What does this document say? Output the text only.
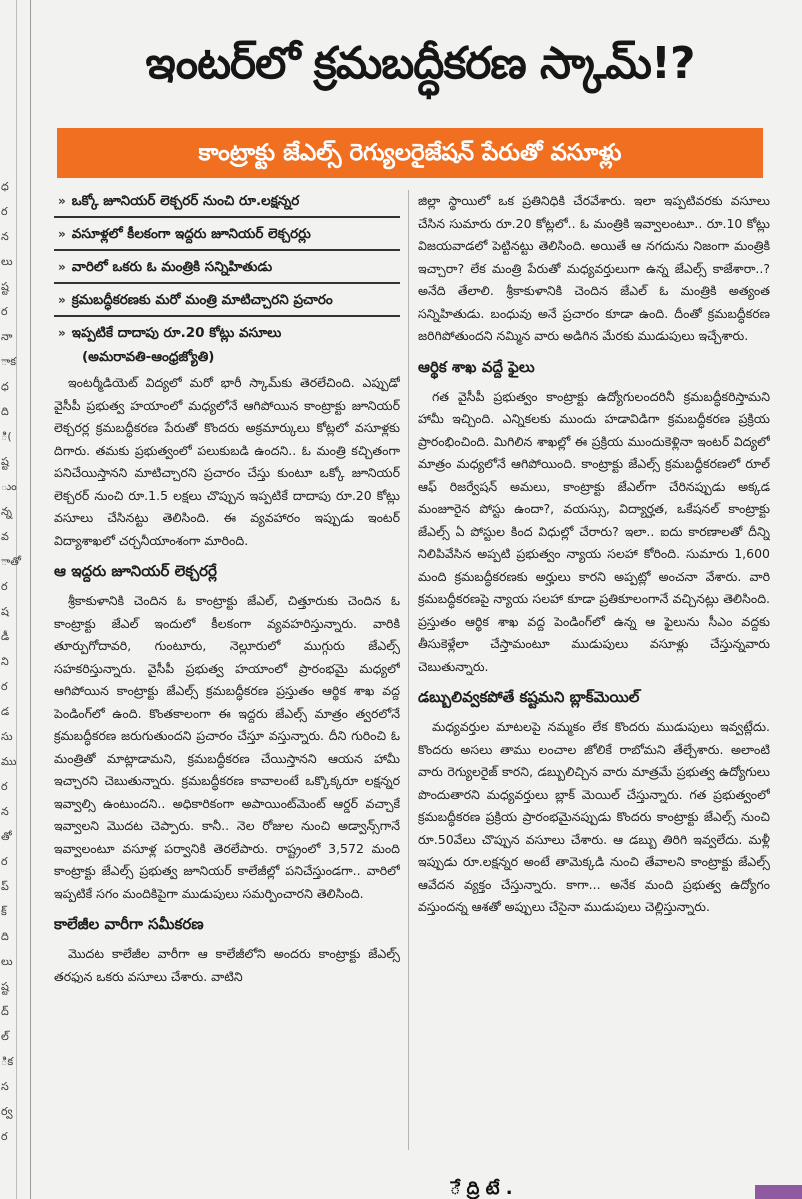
ధ
ర
న
లు
ష్ట
ర
నా
ాక
ధ
ది
ి(
ష్ట
ుం
న్న
వ
ాతో
ర
ష
డీ
ని
ర
డ
సు
ము
ర
న
తో
ర
ప్
క్
ది
లు
ష్ట
ద్
ల్
ిక
స
ర్వ
ర
ఇంటర్‌లో క్రమబద్ధీకరణ స్కామ్!?
కాంట్రాక్టు జేఎల్స్ రెగ్యులరైజేషన్ పేరుతో వసూళ్లు
» ఒక్కో జూనియర్ లెక్చరర్ నుంచి రూ.లక్షన్నర
» వసూళ్లలో కీలకంగా ఇద్దరు జూనియర్ లెక్చరర్లు
» వారిలో ఒకరు ఓ మంత్రికి సన్నిహితుడు
» క్రమబద్ధీకరణకు మరో మంత్రి మాటిచ్చారని ప్రచారం
» ఇప్పటికే దాదాపు రూ.20 కోట్లు వసూలు
(అమరావతి-ఆంధ్రజ్యోతి)

ఇంటర్మీడియెట్ విద్యలో మరో భారీ స్కామ్‌కు తెరలేచింది. ఎప్పుడో వైసీపీ ప్రభుత్వ హయాంలో మధ్యలోనే ఆగిపోయిన కాంట్రాక్టు జూనియర్ లెక్చరర్ల క్రమబద్ధీకరణ పేరుతో కొందరు అక్రమార్కులు కోట్లలో వసూళ్లకు దిగారు. తమకు ప్రభుత్వంలో పలుకుబడి ఉందని.. ఓ మంత్రి కచ్చితంగా పనిచేయిస్తానని మాటిచ్చారని ప్రచారం చేస్తు కుంటూ ఒక్కో జూనియర్ లెక్చరర్ నుంచి రూ.1.5 లక్షలు చొప్పున ఇప్పటికే దాదాపు రూ.20 కోట్లు వసూలు చేసినట్టు తెలిసింది. ఈ వ్యవహారం ఇప్పుడు ఇంటర్ విద్యాశాఖలో చర్చనీయాంశంగా మారింది.

ఆ ఇద్దరు జూనియర్ లెక్చరర్లే

శ్రీకాకుళానికి చెందిన ఓ కాంట్రాక్టు జేఎల్, చిత్తూరుకు చెందిన ఓ కాంట్రాక్టు జేఎల్ ఇందులో కీలకంగా వ్యవహరిస్తున్నారు. వారికి తూర్పుగోదావరి, గుంటూరు, నెల్లూరులో ముగ్గురు జేఎల్స్ సహకరిస్తున్నారు. వైసీపీ ప్రభుత్వ హయాంలో ప్రారంభమై మధ్యలో ఆగిపోయిన కాంట్రాక్టు జేఎల్స్ క్రమబద్ధీకరణ ప్రస్తుతం ఆర్థిక శాఖ వద్ద పెండింగ్‌లో ఉంది. కొంతకాలంగా ఈ ఇద్దరు జేఎల్స్ మాత్రం త్వరలోనే క్రమబద్ధీకరణ జరుగుతుందని ప్రచారం చేస్తూ వస్తున్నారు. దీని గురించి ఓ మంత్రితో మాట్లాడామని, క్రమబద్ధీకరణ చేయిస్తానని ఆయన హామీ ఇచ్చారని చెబుతున్నారు. క్రమబద్ధీకరణ కావాలంటే ఒక్కొక్కరూ లక్షన్నర ఇవ్వాల్సి ఉంటుందని.. అధికారికంగా అపాయింట్‌మెంట్ ఆర్డర్ వచ్చాకే ఇవ్వాలని మొదట చెప్పారు. కానీ.. నెల రోజుల నుంచి అడ్వాన్స్‌గానే ఇవ్వాలంటూ వసూళ్ల పర్వానికి తెరలేపారు. రాష్ట్రంలో 3,572 మంది కాంట్రాక్టు జేఎల్స్ ప్రభుత్వ జూనియర్ కాలేజీల్లో పనిచేస్తుండగా.. వారిలో ఇప్పటికే సగం మందికిపైగా ముడుపులు సమర్పించారని తెలిసింది.

కాలేజీల వారీగా సమీకరణ

మొదట కాలేజీల వారీగా ఆ కాలేజీలోని అందరు కాంట్రాక్టు జేఎల్స్ తరఫున ఒకరు వసూలు చేశారు. వాటిని

జిల్లా స్థాయిలో ఒక ప్రతినిధికి చేరవేశారు. ఇలా ఇప్పటివరకు వసూలు చేసిన సుమారు రూ.20 కోట్లలో.. ఓ మంత్రికి ఇవ్వాలంటూ.. రూ.10 కోట్లు విజయవాడలో పెట్టినట్టు తెలిసింది. అయితే ఆ నగదును నిజంగా మంత్రికి ఇచ్చారా? లేక మంత్రి పేరుతో మధ్యవర్తులుగా ఉన్న జేఎల్స్ కాజేశారా..? అనేది తేలాలి. శ్రీకాకుళానికి చెందిన జేఎల్ ఓ మంత్రికి అత్యంత సన్నిహితుడు. బంధువు అనే ప్రచారం కూడా ఉంది. దీంతో క్రమబద్ధీకరణ జరిగిపోతుందని నమ్మిన వారు అడిగిన మేరకు ముడుపులు ఇచ్చేశారు.

ఆర్థిక శాఖ వద్దే ఫైలు

గత వైసీపీ ప్రభుత్వం కాంట్రాక్టు ఉద్యోగులందరినీ క్రమబద్ధీకరిస్తామని హామీ ఇచ్చింది. ఎన్నికలకు ముందు హడావిడిగా క్రమబద్ధీకరణ ప్రక్రియ ప్రారంభించింది. మిగిలిన శాఖల్లో ఈ ప్రక్రియ ముందుకెళ్లినా ఇంటర్ విద్యలో మాత్రం మధ్యలోనే ఆగిపోయింది. కాంట్రాక్టు జేఎల్స్ క్రమబద్ధీకరణలో రూల్ ఆఫ్ రిజర్వేషన్ అమలు, కాంట్రాక్టు జేఎల్‌గా చేరినప్పుడు అక్కడ మంజూరైన పోస్టు ఉందా?, వయస్సు, విద్యార్హత, ఒకేషనల్ కాంట్రాక్టు జేఎల్స్ ఏ పోస్టుల కింద విధుల్లో చేరారు? ఇలా.. ఐదు కారణాలతో దీన్ని నిలిపివేసిన అప్పటి ప్రభుత్వం న్యాయ సలహా కోరింది. సుమారు 1,600 మంది క్రమబద్ధీకరణకు అర్హులు కారని అప్పట్లో అంచనా వేశారు. వారి క్రమబద్ధీకరణపై న్యాయ సలహా కూడా ప్రతికూలంగానే వచ్చినట్లు తెలిసింది. ప్రస్తుతం ఆర్థిక శాఖ వద్ద పెండింగ్‌లో ఉన్న ఆ ఫైలును సీఎం వద్దకు తీసుకెళ్లేలా చేస్తామంటూ ముడుపులు వసూళ్లు చేస్తున్నవారు చెబుతున్నారు.

డబ్బులివ్వకపోతే కష్టమని బ్లాక్‌మెయిల్

మధ్యవర్తుల మాటలపై నమ్మకం లేక కొందరు ముడుపులు ఇవ్వట్లేదు. కొందరు అసలు తాము లంచాల జోలికే రాబోమని తేల్చేశారు. అలాంటి వారు రెగ్యులరైజ్ కారని, డబ్బులిచ్చిన వారు మాత్రమే ప్రభుత్వ ఉద్యోగులు పొందుతారని మధ్యవర్తులు బ్లాక్ మెయిల్ చేస్తున్నారు. గత ప్రభుత్వంలో క్రమబద్ధీకరణ ప్రక్రియ ప్రారంభమైనప్పుడు కొందరు కాంట్రాక్టు జేఎల్స్ నుంచి రూ.50వేలు చొప్పున వసూలు చేశారు. ఆ డబ్బు తిరిగి ఇవ్వలేదు. మళ్లీ ఇప్పుడు రూ.లక్షన్నర అంటే తామెక్కడి నుంచి తేవాలని కాంట్రాక్టు జేఎల్స్ ఆవేదన వ్యక్తం చేస్తున్నారు. కాగా... అనేక మంది ప్రభుత్వ ఉద్యోగం వస్తుందన్న ఆశతో అప్పులు చేసైనా ముడుపులు చెల్లిస్తున్నారు.

ే ద్రి టే .
